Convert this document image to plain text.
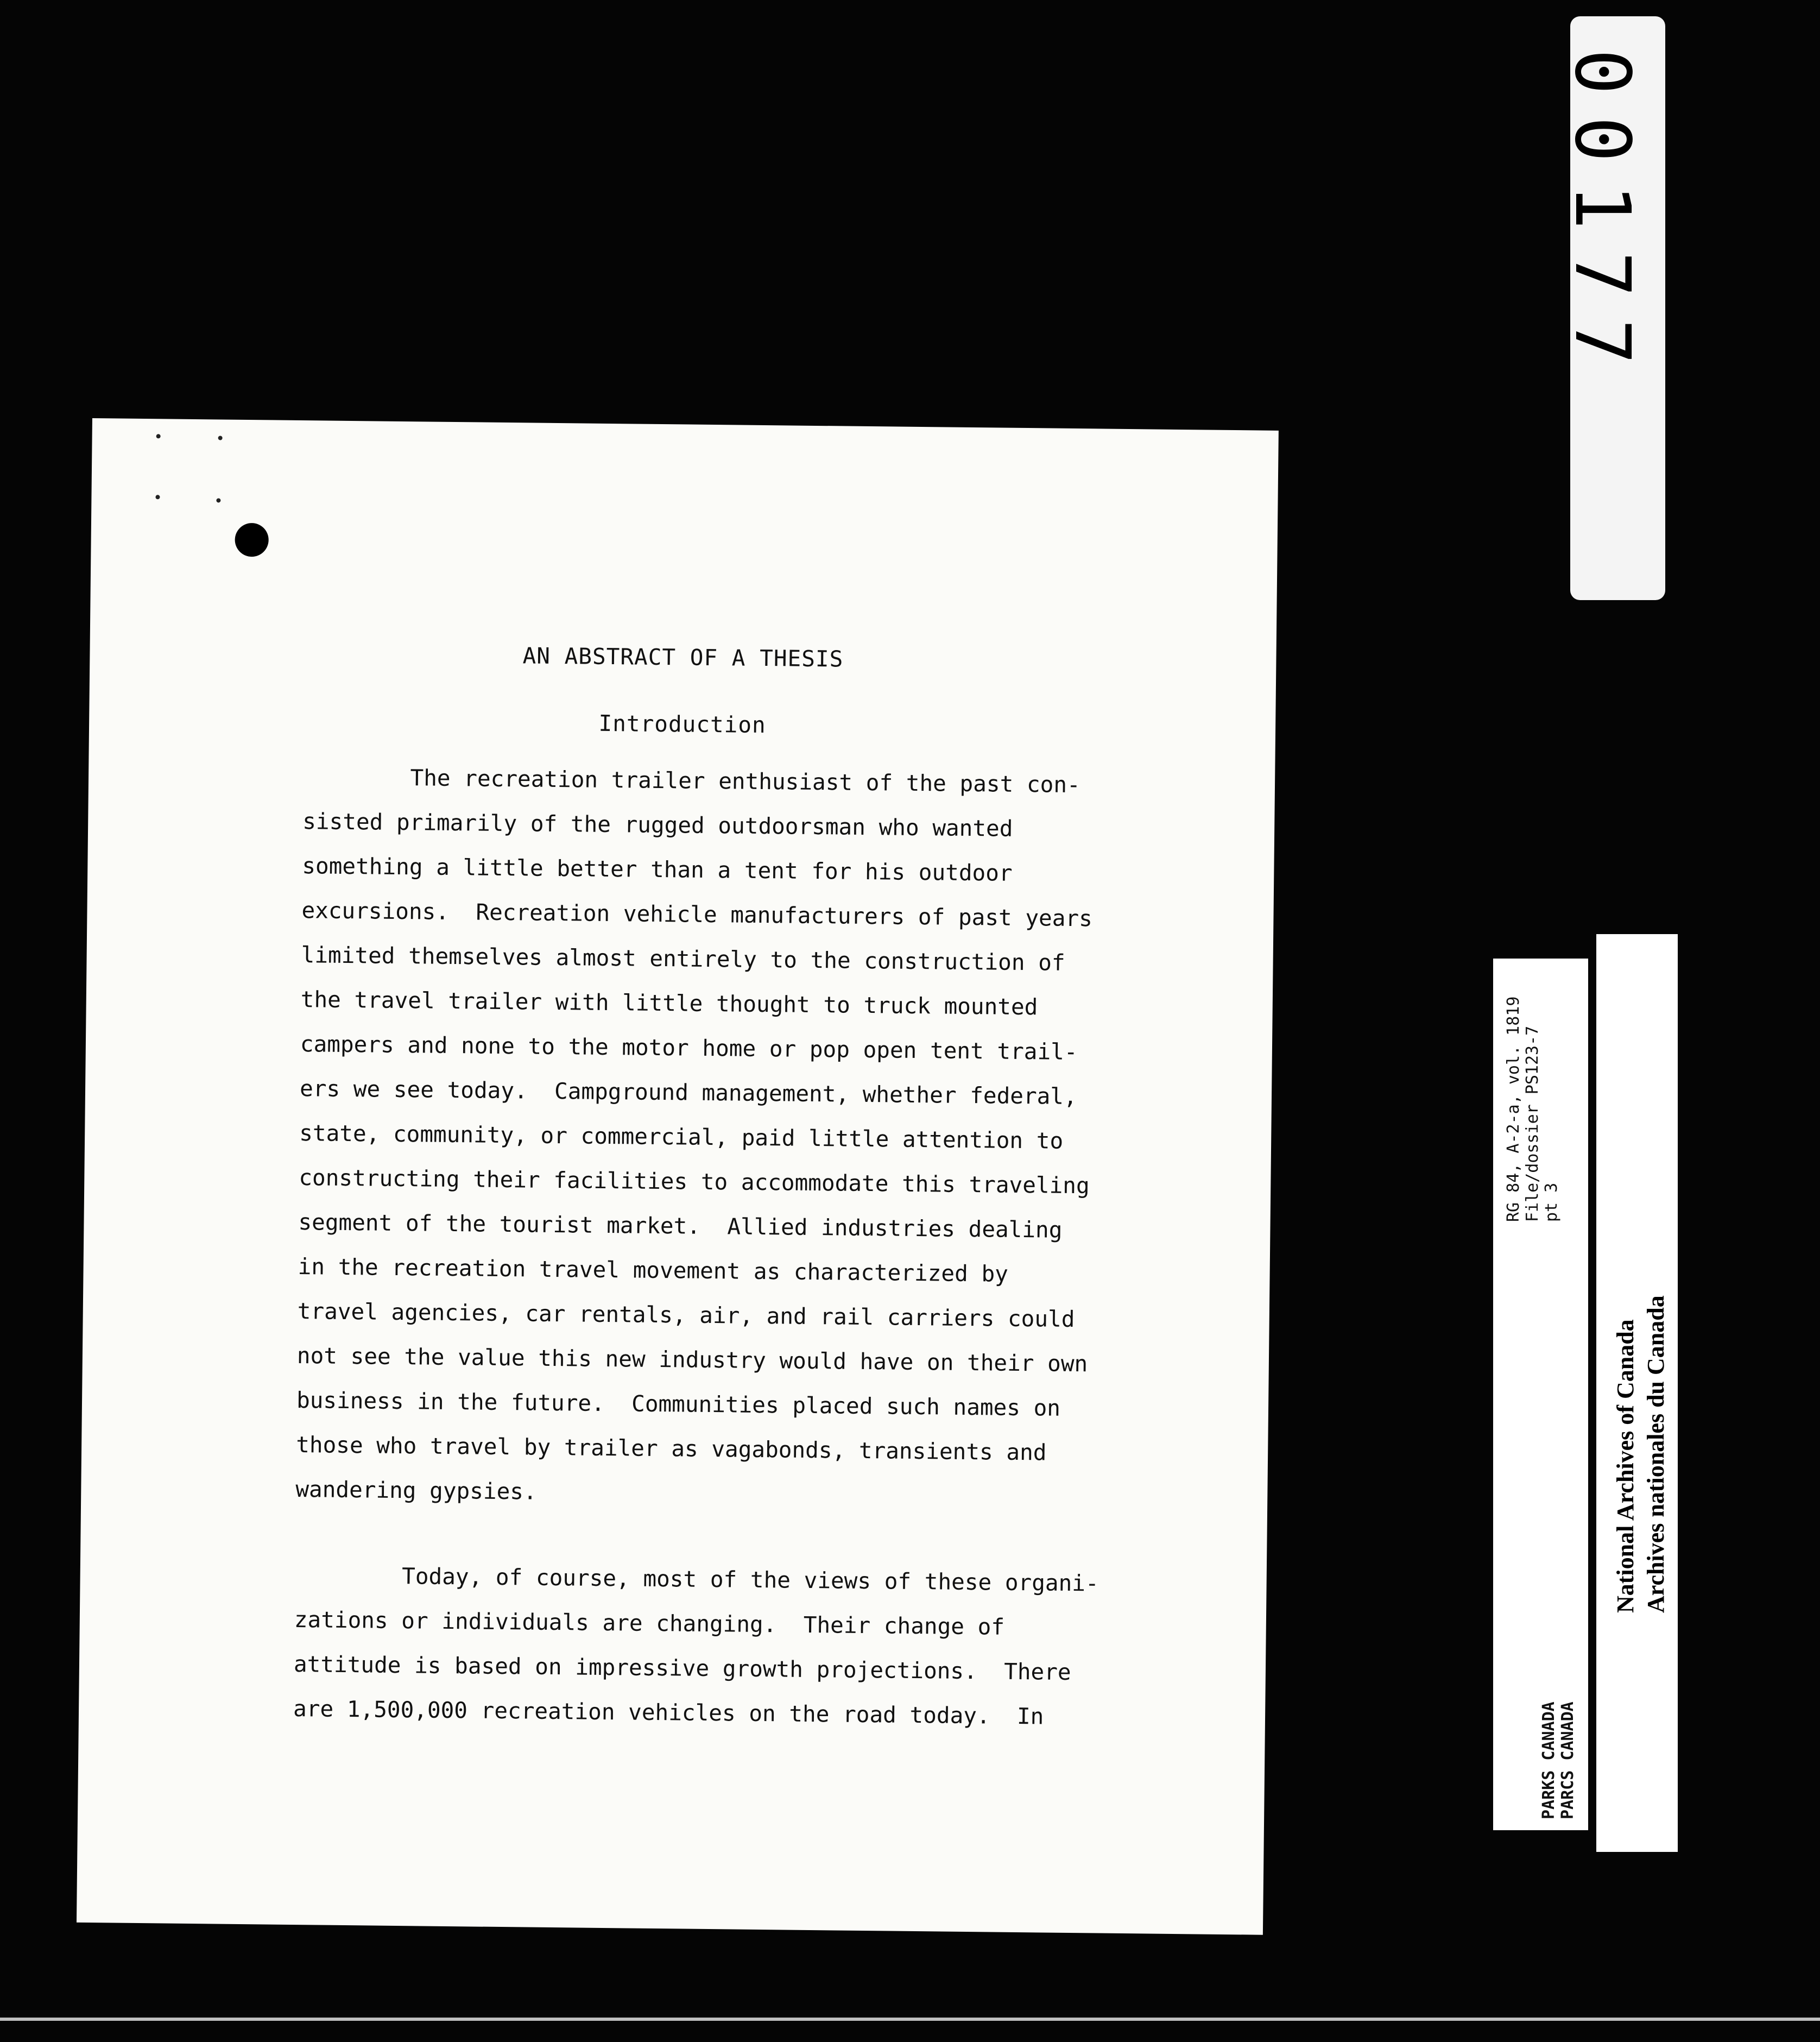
AN ABSTRACT OF A THESIS
Introduction
The recreation trailer enthusiast of the past con-
sisted primarily of the rugged outdoorsman who wanted
something a little better than a tent for his outdoor
excursions.  Recreation vehicle manufacturers of past years
limited themselves almost entirely to the construction of
the travel trailer with little thought to truck mounted
campers and none to the motor home or pop open tent trail-
ers we see today.  Campground management, whether federal,
state, community, or commercial, paid little attention to
constructing their facilities to accommodate this traveling
segment of the tourist market.  Allied industries dealing
in the recreation travel movement as characterized by
travel agencies, car rentals, air, and rail carriers could
not see the value this new industry would have on their own
business in the future.  Communities placed such names on
those who travel by trailer as vagabonds, transients and
wandering gypsies.
Today, of course, most of the views of these organi-
zations or individuals are changing.  Their change of
attitude is based on impressive growth projections.  There
are 1,500,000 recreation vehicles on the road today.  In
00177
RG 84, A-2-a, vol. 1819 File/dossier PS123-7 pt 3
PARKS CANADA PARCS CANADA
National Archives of Canada Archives nationales du Canada
